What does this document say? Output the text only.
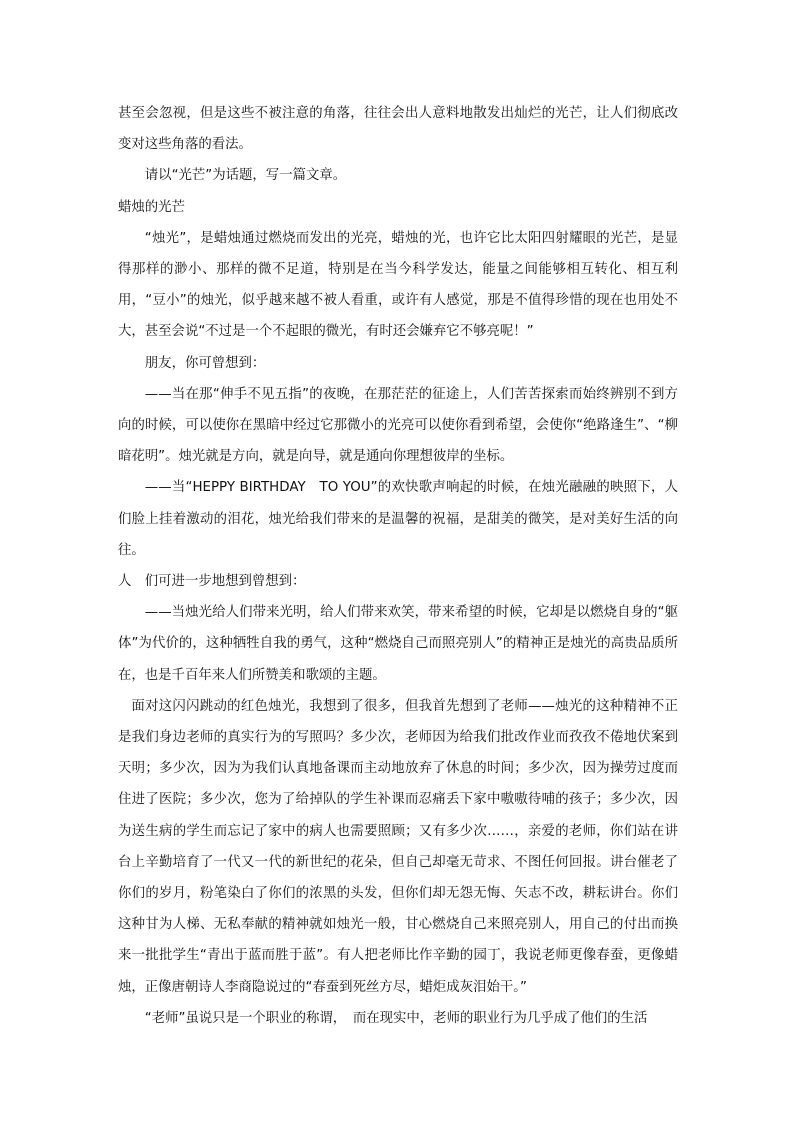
甚至会忽视，但是这些不被注意的角落，往往会出人意料地散发出灿烂的光芒，让人们彻底改变对这些角落的看法。

请以“光芒”为话题，写一篇文章。

蜡烛的光芒

“烛光”，是蜡烛通过燃烧而发出的光亮，蜡烛的光，也许它比太阳四射耀眼的光芒，是显得那样的渺小、那样的微不足道，特别是在当今科学发达，能量之间能够相互转化、相互利用，“豆小”的烛光，似乎越来越不被人看重，或许有人感觉，那是不值得珍惜的现在也用处不大，甚至会说“不过是一个不起眼的微光，有时还会嫌弃它不够亮呢！”

朋友，你可曾想到：

——当在那“伸手不见五指”的夜晚，在那茫茫的征途上，人们苦苦探索而始终辨别不到方向的时候，可以使你在黑暗中经过它那微小的光亮可以使你看到希望，会使你“绝路逢生”、“柳暗花明”。烛光就是方向，就是向导，就是通向你理想彼岸的坐标。

——当“HEPPY BIRTHDAY　TO YOU”的欢快歌声响起的时候，在烛光融融的映照下，人们脸上挂着激动的泪花，烛光给我们带来的是温馨的祝福，是甜美的微笑，是对美好生活的向往。

人　们可进一步地想到曾想到：

——当烛光给人们带来光明，给人们带来欢笑，带来希望的时候，它却是以燃烧自身的“躯体”为代价的，这种牺牲自我的勇气，这种“燃烧自己而照亮别人”的精神正是烛光的高贵品质所在，也是千百年来人们所赞美和歌颂的主题。

面对这闪闪跳动的红色烛光，我想到了很多，但我首先想到了老师——烛光的这种精神不正是我们身边老师的真实行为的写照吗？多少次，老师因为给我们批改作业而孜孜不倦地伏案到天明；多少次，因为为我们认真地备课而主动地放弃了休息的时间；多少次，因为操劳过度而住进了医院；多少次，您为了给掉队的学生补课而忍痛丢下家中嗷嗷待哺的孩子；多少次，因为送生病的学生而忘记了家中的病人也需要照顾；又有多少次……，亲爱的老师，你们站在讲台上辛勤培育了一代又一代的新世纪的花朵，但自己却毫无苛求、不图任何回报。讲台催老了你们的岁月，粉笔染白了你们的浓黑的头发，但你们却无怨无悔、矢志不改，耕耘讲台。你们这种甘为人梯、无私奉献的精神就如烛光一般，甘心燃烧自己来照亮别人，用自己的付出而换来一批批学生“青出于蓝而胜于蓝”。有人把老师比作辛勤的园丁，我说老师更像春蚕，更像蜡烛，正像唐朝诗人李商隐说过的“春蚕到死丝方尽，蜡炬成灰泪始干。”

“老师”虽说只是一个职业的称谓，　而在现实中，老师的职业行为几乎成了他们的生活
